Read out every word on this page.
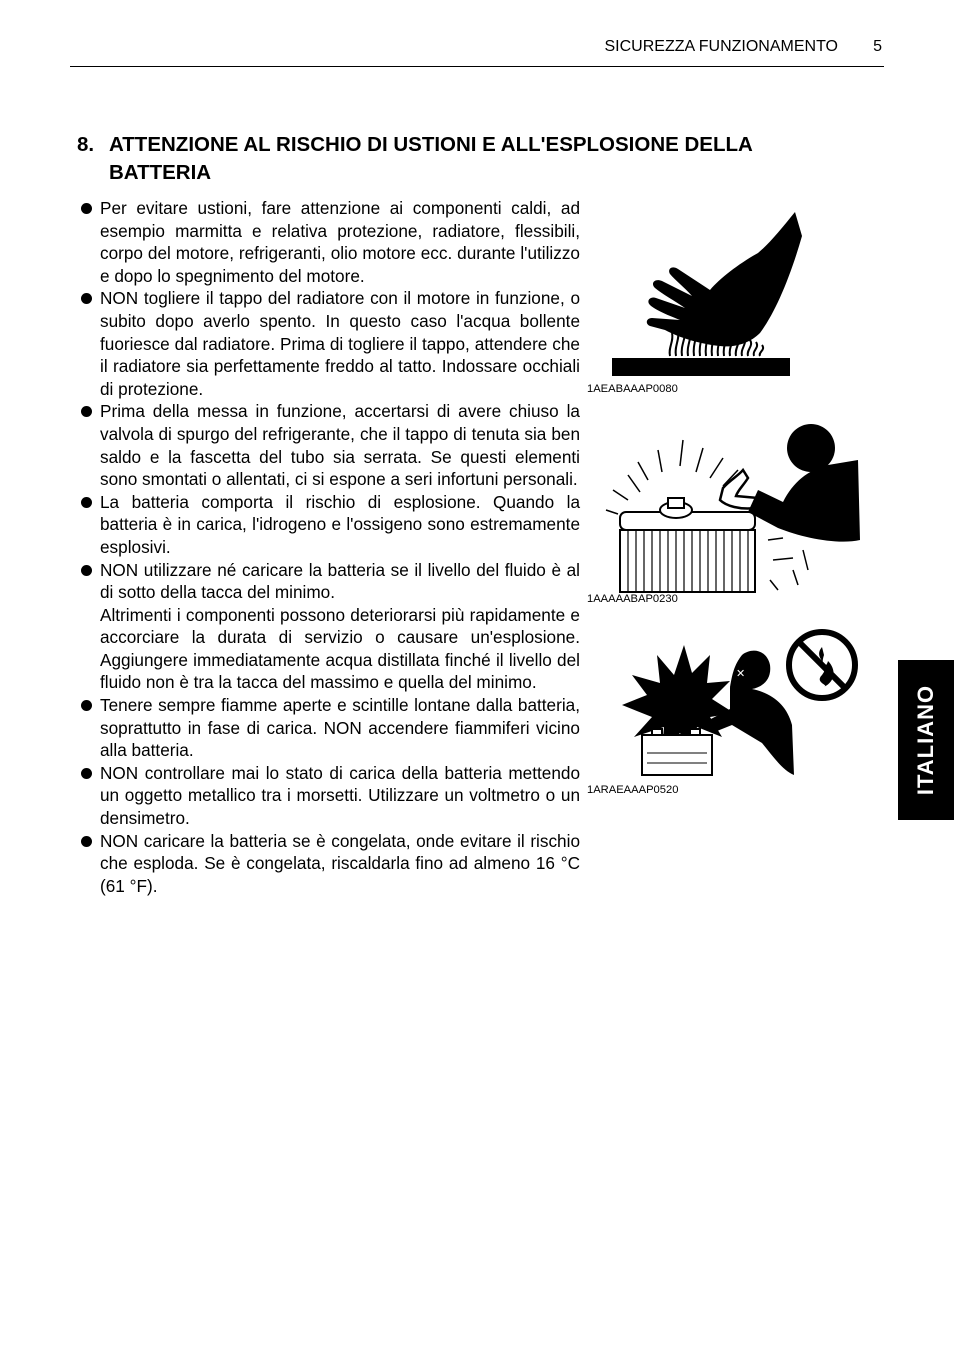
SICUREZZA FUNZIONAMENTO 5
8. ATTENZIONE AL RISCHIO DI USTIONI E ALL'ESPLOSIONE DELLA BATTERIA
Per evitare ustioni, fare attenzione ai componenti caldi, ad esempio marmitta e relativa protezione, radiatore, flessibili, corpo del motore, refrigeranti, olio motore ecc. durante l'utilizzo e dopo lo spegnimento del motore.
NON togliere il tappo del radiatore con il motore in funzione, o subito dopo averlo spento. In questo caso l'acqua bollente fuoriesce dal radiatore. Prima di togliere il tappo, attendere che il radiatore sia perfettamente freddo al tatto. Indossare occhiali di protezione.
Prima della messa in funzione, accertarsi di avere chiuso la valvola di spurgo del refrigerante, che il tappo di tenuta sia ben saldo e la fascetta del tubo sia serrata. Se questi elementi sono smontati o allentati, ci si espone a seri infortuni personali.
La batteria comporta il rischio di esplosione. Quando la batteria è in carica, l'idrogeno e l'ossigeno sono estremamente esplosivi.
NON utilizzare né caricare la batteria se il livello del fluido è al di sotto della tacca del minimo.
Altrimenti i componenti possono deteriorarsi più rapidamente e accorciare la durata di servizio o causare un'esplosione. Aggiungere immediatamente acqua distillata finché il livello del fluido non è tra la tacca del massimo e quella del minimo.
Tenere sempre fiamme aperte e scintille lontane dalla batteria, soprattutto in fase di carica. NON accendere fiammiferi vicino alla batteria.
NON controllare mai lo stato di carica della batteria mettendo un oggetto metallico tra i morsetti. Utilizzare un voltmetro o un densimetro.
NON caricare la batteria se è congelata, onde evitare il rischio che esploda. Se è congelata, riscaldarla fino ad almeno 16 °C (61 °F).
1AEABAAAP0080
1AAAAABAP0230
✕
1ARAEAAAP0520	ITALIANO
